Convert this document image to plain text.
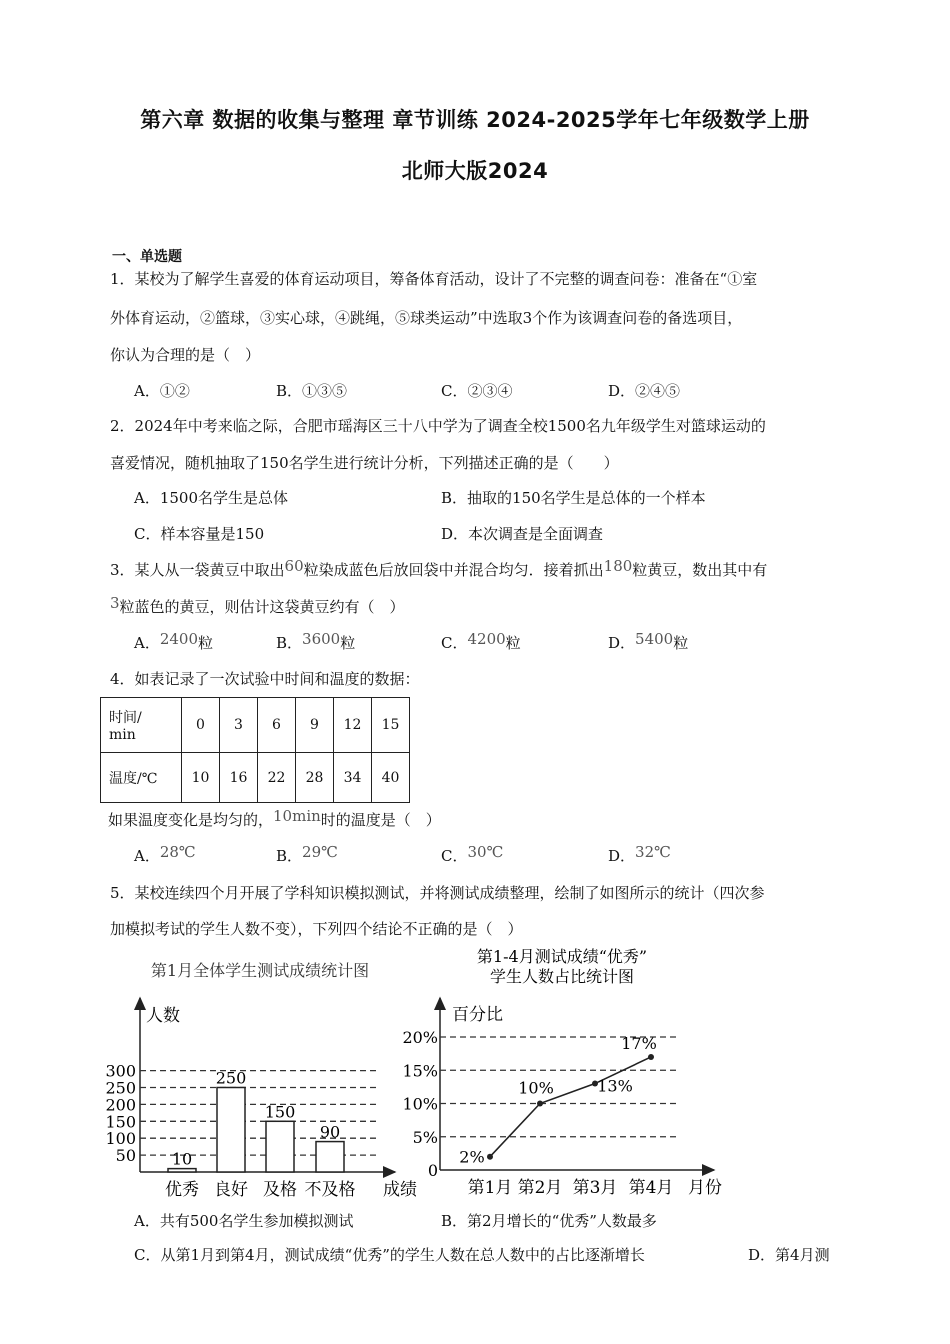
第六章 数据的收集与整理 章节训练 2024-2025学年七年级数学上册
北师大版2024
一、单选题
1．某校为了解学生喜爱的体育运动项目，筹备体育活动，设计了不完整的调查问卷：准备在“①室
外体育运动，②篮球，③实心球，④跳绳，⑤球类运动”中选取3个作为该调查问卷的备选项目，
你认为合理的是（　）
A．①②	B．①③⑤	C．②③④	D．②④⑤
2．2024年中考来临之际，合肥市瑶海区三十八中学为了调查全校1500名九年级学生对篮球运动的
喜爱情况，随机抽取了150名学生进行统计分析，下列描述正确的是（　　）
A．1500名学生是总体	B．抽取的150名学生是总体的一个样本
C．样本容量是150	D．本次调查是全面调查
3．某人从一袋黄豆中取出60粒染成蓝色后放回袋中并混合均匀．接着抓出180粒黄豆，数出其中有
3粒蓝色的黄豆，则估计这袋黄豆约有（　）
A．2400粒	B．3600粒	C．4200粒	D．5400粒
4．如表记录了一次试验中时间和温度的数据：
时间/
min	0	3	6	9	12	15
温度/℃	10	16	22	28	34	40
如果温度变化是均匀的，10min时的温度是（　）
A．28℃	B．29℃	C．30℃	D．32℃
5．某校连续四个月开展了学科知识模拟测试，并将测试成绩整理，绘制了如图所示的统计（四次参
加模拟考试的学生人数不变），下列四个结论不正确的是（　）
第1月全体学生测试成绩统计图
人数
成绩
50
100
150
200
250
300
10
优秀
250
良好
150
及格
90
不及格
第1-4月测试成绩“优秀”
学生人数占比统计图
百分比
月份
0
5%
10%
15%
20%
2%
第1月
10%
第2月
13%
第3月
17%
第4月
A．共有500名学生参加模拟测试	B．第2月增长的“优秀”人数最多
C．从第1月到第4月，测试成绩“优秀”的学生人数在总人数中的占比逐渐增长	D．第4月测
